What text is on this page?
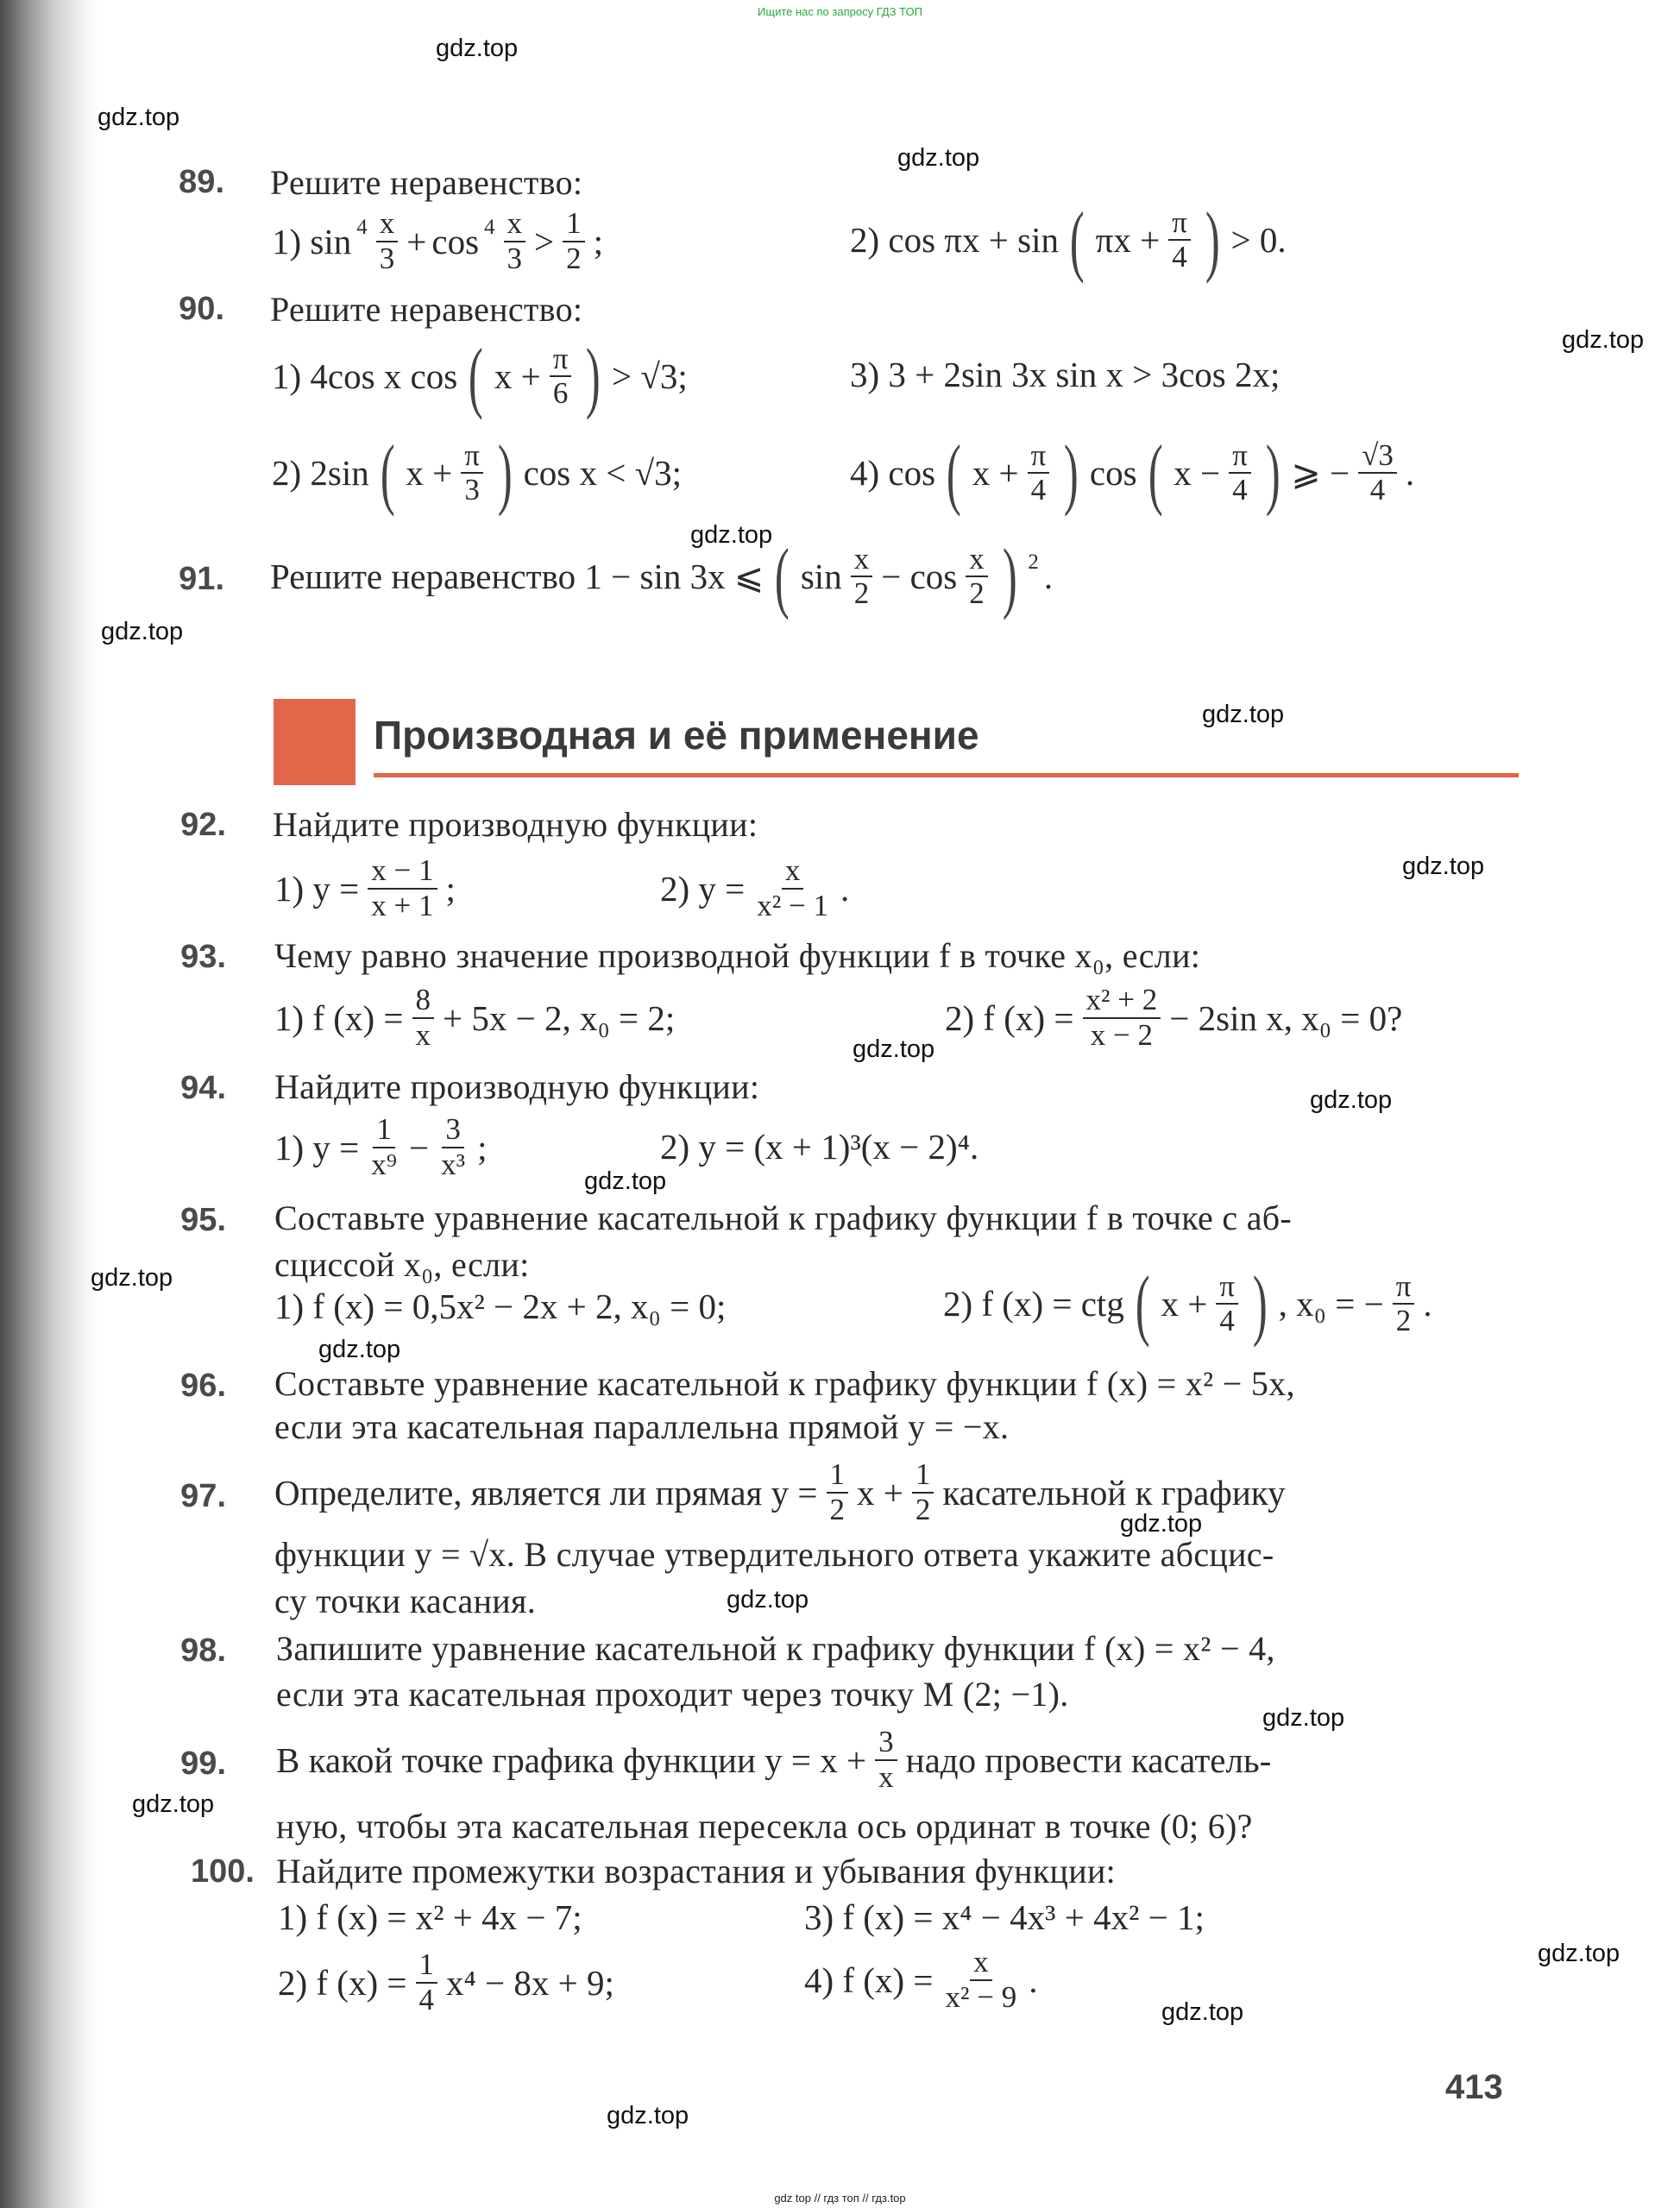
Ищите нас по запросу ГДЗ ТОП
gdz.top
gdz.top
gdz.top
gdz.top
gdz.top
gdz.top
gdz.top
gdz.top
gdz.top
gdz.top
gdz.top
gdz.top
gdz.top
gdz.top
gdz.top
gdz.top
gdz.top
gdz.top
gdz.top
gdz.top
89. Решите неравенство:
1) $\sin 4 \frac{x}{3} + \cos 4 \frac{x}{3} > \frac{1}{2}$ ;	2) cos πx + sin ( $\pi x + \frac{\pi}{4}$ ) > 0.
90. Решите неравенство:
1) 4cos x cos ( $x + \frac{\pi}{6}$ ) > √3;	3) 3 + 2sin 3x sin x > 3cos 2x;
2) 2sin ( $x + \frac{\pi}{3}$ ) cos x < √3;	4) cos ( $x + \frac{\pi}{4}$ ) cos ( $x - \frac{\pi}{4}$ ) ⩾ − $\frac{√3}{4}$ .
91. Решите неравенство 1 − sin 3x ⩽ ( $\sin \frac{x}{2} - \cos \frac{x}{2}$ ) 2 .
Производная и её применение
92. Найдите производную функции:
1) $y = \frac{x - 1}{x + 1}$ ;	2) $y = \frac{x}{\text{x² − 1}}$ .
93. Чему равно значение производной функции f в точке x₀, если:
1) f $(x) = \frac{8}{x} + 5x - 2$, x₀ = 2;	2) f $(x) = \frac{\text{x² + 2}}{x - 2} - 2\sin$ x, x₀ = 0?
94. Найдите производную функции:
1) $y = \frac{1}{\text{x⁹}} - \frac{3}{\text{x³}}$ ;	2) y = (x + 1)³(x − 2)⁴.
95. Составьте уравнение касательной к графику функции f в точке с аб-
сциссой x₀, если:
1) f (x) = 0,5x² − 2x + 2, x₀ = 0;	2) f (x) = ctg ( $x + \frac{\pi}{4}$ ) , x₀ = − $\frac{\pi}{2}$ .
96. Составьте уравнение касательной к графику функции f (x) = x² − 5x,
если эта касательная параллельна прямой y = −x.
97. Определите, является ли прямая $y = \frac{1}{2}$ $x + \frac{1}{2}$ касательной к графику
функции y = √x. В случае утвердительного ответа укажите абсцис-
су точки касания.
98. Запишите уравнение касательной к графику функции f (x) = x² − 4,
если эта касательная проходит через точку M (2; −1).
99. В какой точке графика функции $y = x + \frac{3}{x}$ надо провести касатель-
ную, чтобы эта касательная пересекла ось ординат в точке (0; 6)?
100. Найдите промежутки возрастания и убывания функции:
1) f (x) = x² + 4x − 7;	3) f (x) = x⁴ − 4x³ + 4x² − 1;
2) f $(x) = \frac{1}{4} x^4 - 8x + 9$;	4) f $(x) = \frac{x}{\text{x² − 9}}$ .
413
gdz top // гдз топ // гдз.top
